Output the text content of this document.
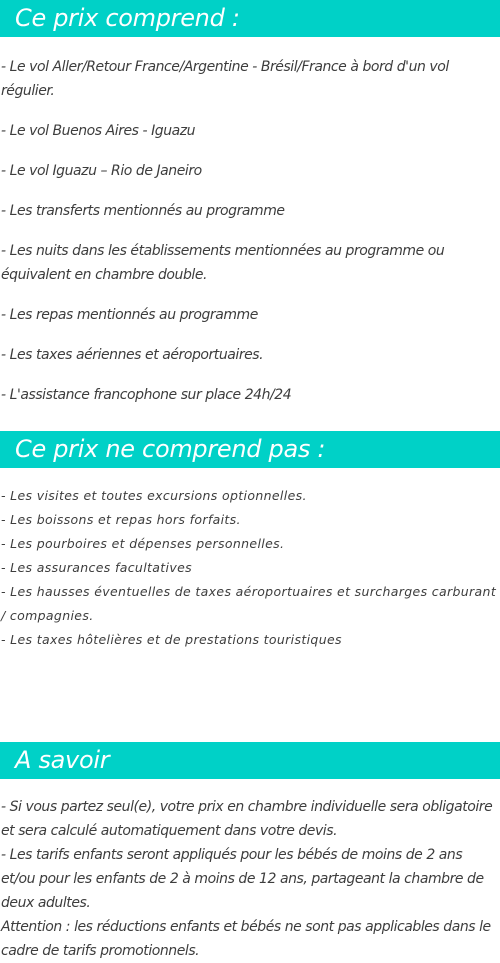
Ce prix comprend :
- Le vol Aller/Retour France/Argentine - Brésil/France à bord d'un vol régulier.
- Le vol Buenos Aires - Iguazu
- Le vol Iguazu – Rio de Janeiro
- Les transferts mentionnés au programme
- Les nuits dans les établissements mentionnées au programme ou équivalent en chambre double.
- Les repas mentionnés au programme
- Les taxes aériennes et aéroportuaires.
- L'assistance francophone sur place 24h/24
Ce prix ne comprend pas :
- Les visites et toutes excursions optionnelles.
- Les boissons et repas hors forfaits.
- Les pourboires et dépenses personnelles.
- Les assurances facultatives
- Les hausses éventuelles de taxes aéroportuaires et surcharges carburant / compagnies.
- Les taxes hôtelières et de prestations touristiques
A savoir
- Si vous partez seul(e), votre prix en chambre individuelle sera obligatoire et sera calculé automatiquement dans votre devis.
- Les tarifs enfants seront appliqués pour les bébés de moins de 2 ans et/ou pour les enfants de 2 à moins de 12 ans, partageant la chambre de deux adultes.
Attention : les réductions enfants et bébés ne sont pas applicables dans le cadre de tarifs promotionnels.
